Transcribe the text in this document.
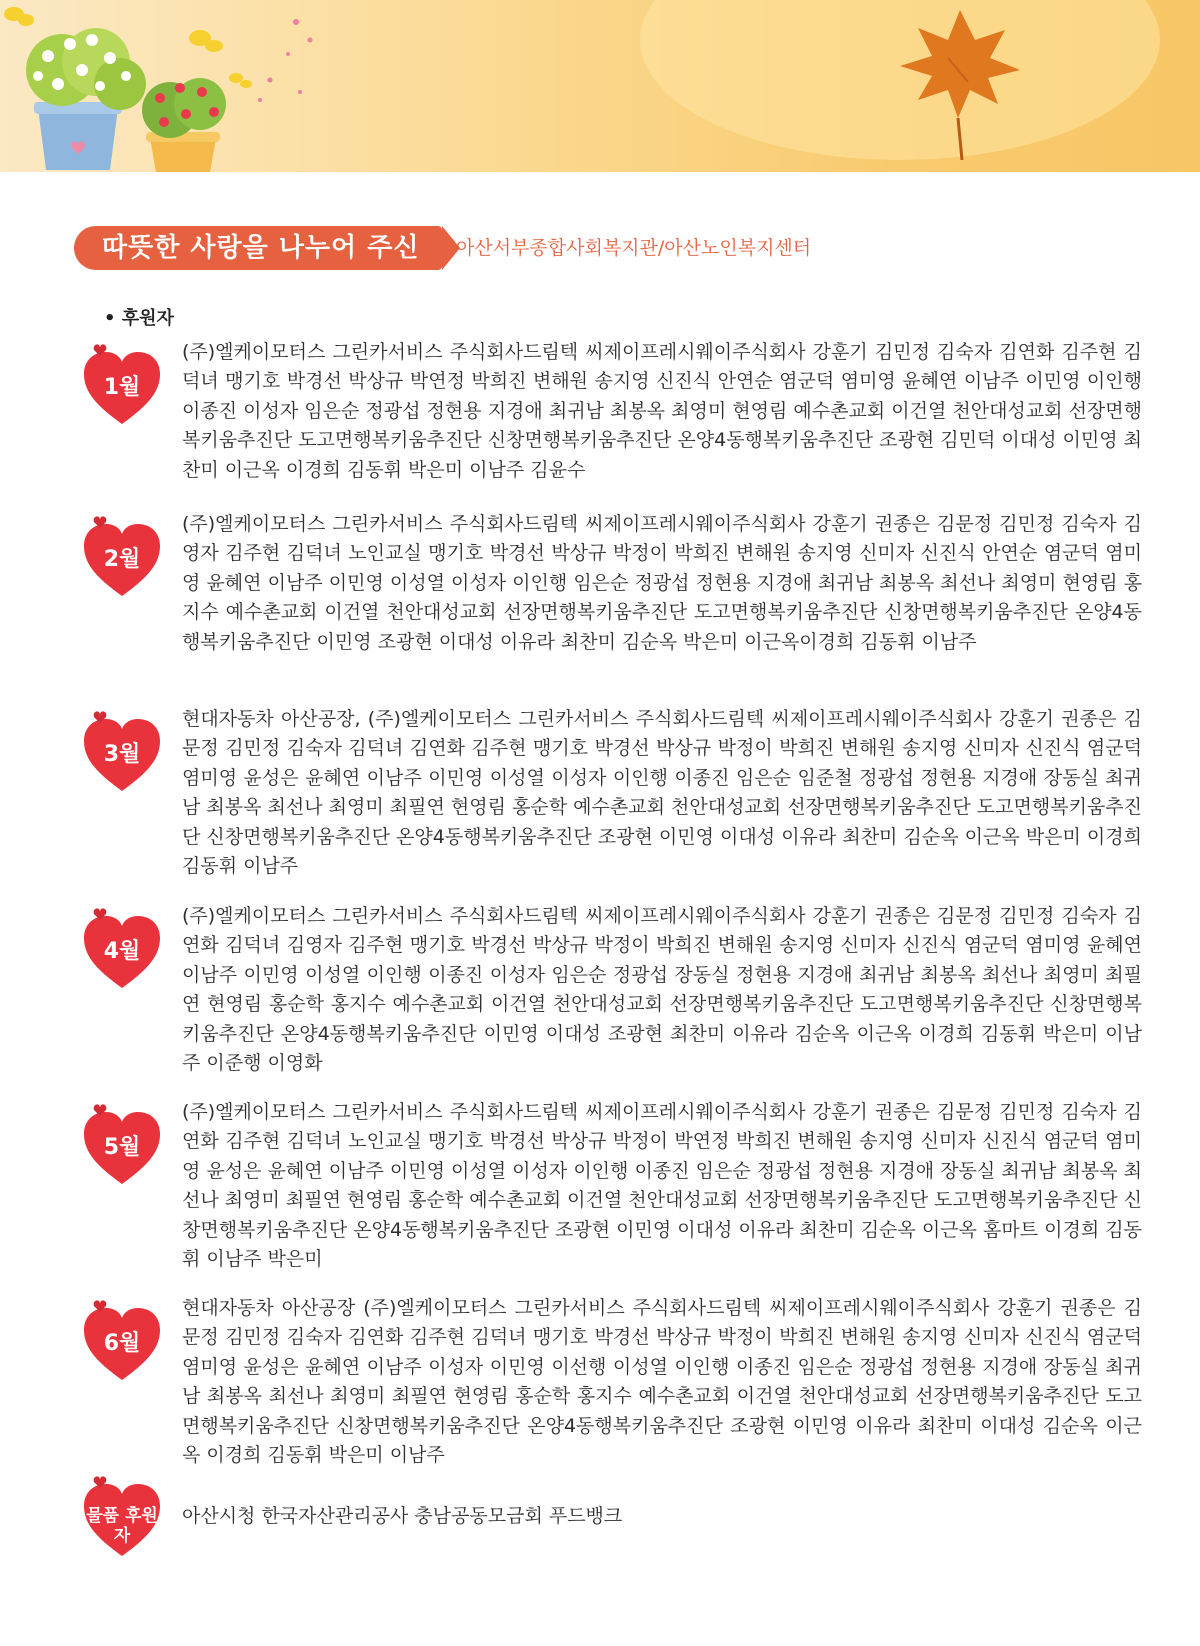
따뜻한 사랑을 나누어 주신 분들
아산서부종합사회복지관/아산노인복지센터
• 후원자
1월
(주)엘케이모터스 그린카서비스 주식회사드림텍 씨제이프레시웨이주식회사 강훈기 김민정 김숙자 김연화 김주현 김덕녀 맹기호 박경선 박상규 박연정 박희진 변해원 송지영 신진식 안연순 염군덕 염미영 윤혜연 이남주 이민영 이인행 이종진 이성자 임은순 정광섭 정현용 지경애 최귀남 최봉옥 최영미 현영림 예수촌교회 이건열 천안대성교회 선장면행복키움추진단 도고면행복키움추진단 신창면행복키움추진단 온양4동행복키움추진단 조광현 김민덕 이대성 이민영 최찬미 이근옥 이경희 김동휘 박은미 이남주 김윤수
2월
(주)엘케이모터스 그린카서비스 주식회사드림텍 씨제이프레시웨이주식회사 강훈기 권종은 김문정 김민정 김숙자 김영자 김주현 김덕녀 노인교실 맹기호 박경선 박상규 박정이 박희진 변해원 송지영 신미자 신진식 안연순 염군덕 염미영 윤혜연 이남주 이민영 이성열 이성자 이인행 임은순 정광섭 정현용 지경애 최귀남 최봉옥 최선나 최영미 현영림 홍지수 예수촌교회 이건열 천안대성교회 선장면행복키움추진단 도고면행복키움추진단 신창면행복키움추진단 온양4동행복키움추진단 이민영 조광현 이대성 이유라 최찬미 김순옥 박은미 이근옥이경희 김동휘 이남주
3월
현대자동차 아산공장, (주)엘케이모터스 그린카서비스 주식회사드림텍 씨제이프레시웨이주식회사 강훈기 권종은 김문정 김민정 김숙자 김덕녀 김연화 김주현 맹기호 박경선 박상규 박정이 박희진 변해원 송지영 신미자 신진식 염군덕 염미영 윤성은 윤혜연 이남주 이민영 이성열 이성자 이인행 이종진 임은순 임준철 정광섭 정현용 지경애 장동실 최귀남 최봉옥 최선나 최영미 최필연 현영림 홍순학 예수촌교회 천안대성교회 선장면행복키움추진단 도고면행복키움추진단 신창면행복키움추진단 온양4동행복키움추진단 조광현 이민영 이대성 이유라 최찬미 김순옥 이근옥 박은미 이경희 김동휘 이남주
4월
(주)엘케이모터스 그린카서비스 주식회사드림텍 씨제이프레시웨이주식회사 강훈기 권종은 김문정 김민정 김숙자 김연화 김덕녀 김영자 김주현 맹기호 박경선 박상규 박정이 박희진 변해원 송지영 신미자 신진식 염군덕 염미영 윤혜연 이남주 이민영 이성열 이인행 이종진 이성자 임은순 정광섭 장동실 정현용 지경애 최귀남 최봉옥 최선나 최영미 최필연 현영림 홍순학 홍지수 예수촌교회 이건열 천안대성교회 선장면행복키움추진단 도고면행복키움추진단 신창면행복키움추진단 온양4동행복키움추진단 이민영 이대성 조광현 최찬미 이유라 김순옥 이근옥 이경희 김동휘 박은미 이남주 이준행 이영화
5월
(주)엘케이모터스 그린카서비스 주식회사드림텍 씨제이프레시웨이주식회사 강훈기 권종은 김문정 김민정 김숙자 김연화 김주현 김덕녀 노인교실 맹기호 박경선 박상규 박정이 박연정 박희진 변해원 송지영 신미자 신진식 염군덕 염미영 윤성은 윤혜연 이남주 이민영 이성열 이성자 이인행 이종진 임은순 정광섭 정현용 지경애 장동실 최귀남 최봉옥 최선나 최영미 최필연 현영림 홍순학 예수촌교회 이건열 천안대성교회 선장면행복키움추진단 도고면행복키움추진단 신창면행복키움추진단 온양4동행복키움추진단 조광현 이민영 이대성 이유라 최찬미 김순옥 이근옥 홈마트 이경희 김동휘 이남주 박은미
6월
현대자동차 아산공장 (주)엘케이모터스 그린카서비스 주식회사드림텍 씨제이프레시웨이주식회사 강훈기 권종은 김문정 김민정 김숙자 김연화 김주현 김덕녀 맹기호 박경선 박상규 박정이 박희진 변해원 송지영 신미자 신진식 염군덕 염미영 윤성은 윤혜연 이남주 이성자 이민영 이선행 이성열 이인행 이종진 임은순 정광섭 정현용 지경애 장동실 최귀남 최봉옥 최선나 최영미 최필연 현영림 홍순학 홍지수 예수촌교회 이건열 천안대성교회 선장면행복키움추진단 도고면행복키움추진단 신창면행복키움추진단 온양4동행복키움추진단 조광현 이민영 이유라 최찬미 이대성 김순옥 이근옥 이경희 김동휘 박은미 이남주
물품 후원자
아산시청 한국자산관리공사 충남공동모금회 푸드뱅크
